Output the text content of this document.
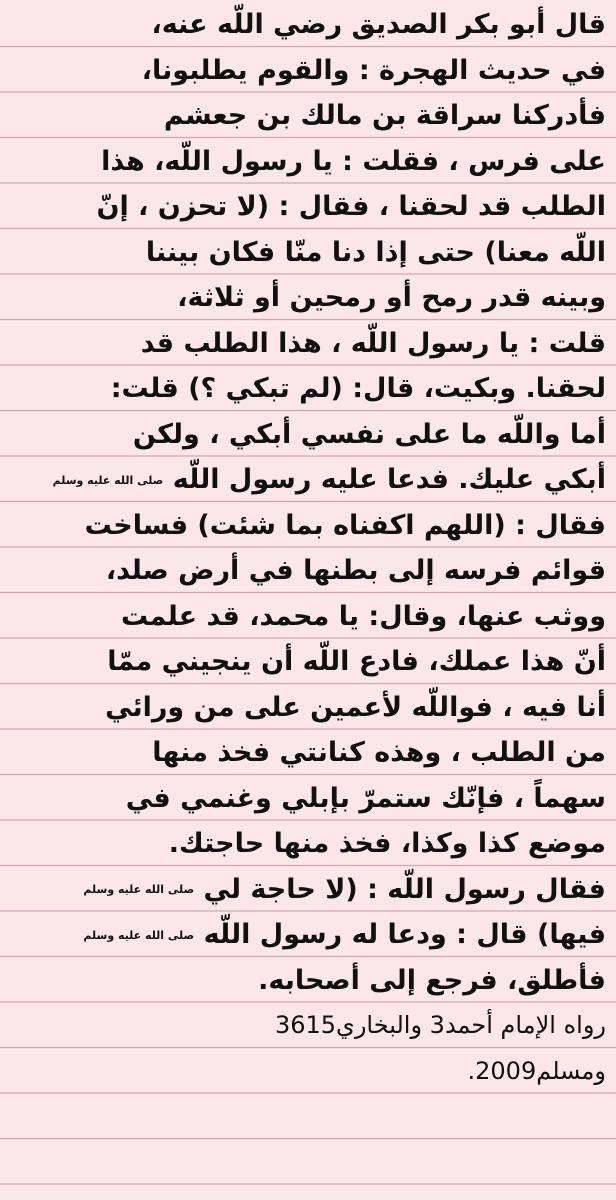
قال أبو بكر الصديق رضي اللّه عنه،
في حديث الهجرة : والقوم يطلبونا،
فأدركنا سراقة بن مالك بن جعشم
على فرس ، فقلت : يا رسول اللّه، هذا
الطلب قد لحقنا ، فقال : (لا تحزن ، إنّ
اللّه معنا) حتى إذا دنا منّا فكان بيننا
وبينه قدر رمح أو رمحين أو ثلاثة،
قلت : يا رسول اللّه ، هذا الطلب قد
لحقنا. وبكيت، قال: (لم تبكي ؟) قلت:
أما واللّه ما على نفسي أبكي ، ولكن
أبكي عليك. فدعا عليه رسول اللّه صلى الله عليه وسلم
فقال : (اللهم اكفناه بما شئت) فساخت
قوائم فرسه إلى بطنها في أرض صلد،
ووثب عنها، وقال: يا محمد، قد علمت
أنّ هذا عملك، فادع اللّه أن ينجيني ممّا
أنا فيه ، فواللّه لأعمين على من ورائي
من الطلب ، وهذه كنانتي فخذ منها
سهماً ، فإنّك ستمرّ بإبلي وغنمي في
موضع كذا وكذا، فخذ منها حاجتك.
فقال رسول اللّه : (لا حاجة لي صلى الله عليه وسلم
فيها) قال : ودعا له رسول اللّه صلى الله عليه وسلم
فأطلق، فرجع إلى أصحابه.
رواه الإمام أحمد3 والبخاري3615
ومسلم2009.
